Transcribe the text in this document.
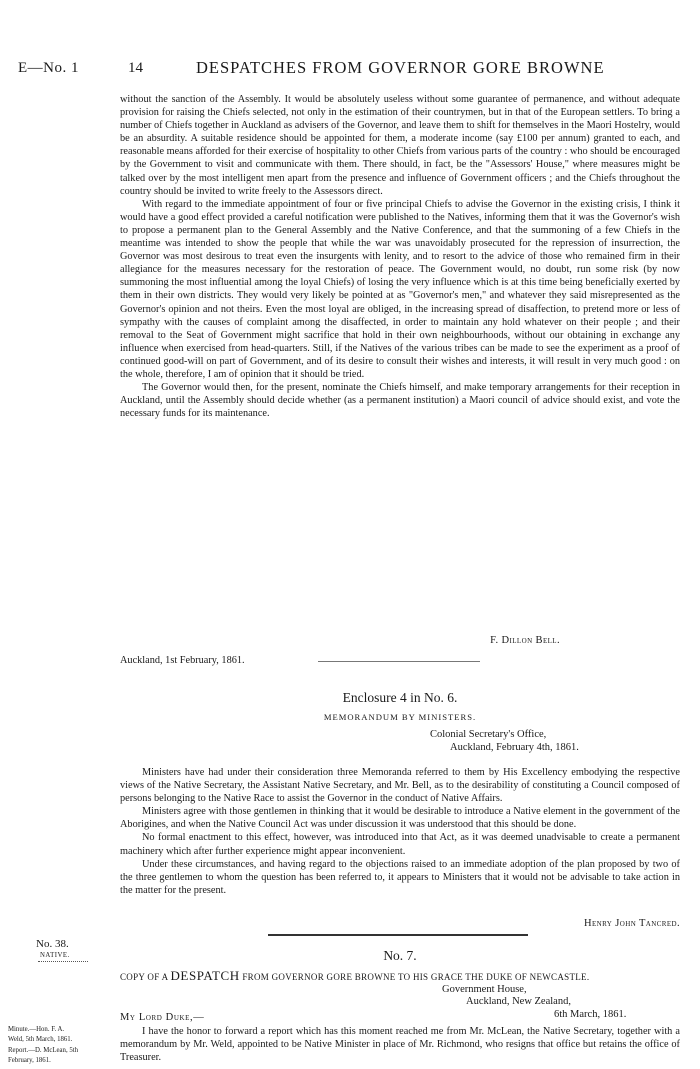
E—No. 1	14	DESPATCHES FROM GOVERNOR GORE BROWNE

without the sanction of the Assembly. It would be absolutely useless without some guarantee of permanence, and without adequate provision for raising the Chiefs selected, not only in the estimation of their countrymen, but in that of the European settlers. To bring a number of Chiefs together in Auckland as advisers of the Governor, and leave them to shift for themselves in the Maori Hostelry, would be an absurdity. A suitable residence should be appointed for them, a moderate income (say £100 per annum) granted to each, and reasonable means afforded for their exercise of hospitality to other Chiefs from various parts of the country : who should be encouraged by the Government to visit and communicate with them. There should, in fact, be the "Assessors' House," where measures might be talked over by the most intelligent men apart from the presence and influence of Government officers ; and the Chiefs throughout the country should be invited to write freely to the Assessors direct.

With regard to the immediate appointment of four or five principal Chiefs to advise the Governor in the existing crisis, I think it would have a good effect provided a careful notification were published to the Natives, informing them that it was the Governor's wish to propose a permanent plan to the General Assembly and the Native Conference, and that the summoning of a few Chiefs in the meantime was intended to show the people that while the war was unavoidably prosecuted for the repression of insurrection, the Governor was most desirous to treat even the insurgents with lenity, and to resort to the advice of those who remained firm in their allegiance for the measures necessary for the restoration of peace. The Government would, no doubt, run some risk (by now summoning the most influential among the loyal Chiefs) of losing the very influence which is at this time being beneficially exerted by them in their own districts. They would very likely be pointed at as "Governor's men," and whatever they said misrepresented as the Governor's opinion and not theirs. Even the most loyal are obliged, in the increasing spread of disaffection, to pretend more or less of sympathy with the causes of complaint among the disaffected, in order to maintain any hold whatever on their people ; and their removal to the Seat of Government might sacrifice that hold in their own neighbourhoods, without our obtaining in exchange any influence when exercised from head-quarters. Still, if the Natives of the various tribes can be made to see the experiment as a proof of continued good-will on part of Government, and of its desire to consult their wishes and interests, it will result in very much good : on the whole, therefore, I am of opinion that it should be tried.

The Governor would then, for the present, nominate the Chiefs himself, and make temporary arrangements for their reception in Auckland, until the Assembly should decide whether (as a permanent institution) a Maori council of advice should exist, and vote the necessary funds for its maintenance.

F. Dillon Bell.
Auckland, 1st February, 1861.
Enclosure 4 in No. 6.
MEMORANDUM BY MINISTERS.
Colonial Secretary's Office,
Auckland, February 4th, 1861.

Ministers have had under their consideration three Memoranda referred to them by His Excellency embodying the respective views of the Native Secretary, the Assistant Native Secretary, and Mr. Bell, as to the desirability of constituting a Council composed of persons belonging to the Native Race to assist the Governor in the conduct of Native Affairs.

Ministers agree with those gentlemen in thinking that it would be desirable to introduce a Native element in the government of the Aborigines, and when the Native Council Act was under discussion it was understood that this should be done.

No formal enactment to this effect, however, was introduced into that Act, as it was deemed unadvisable to create a permanent machinery which after further experience might appear inconvenient.

Under these circumstances, and having regard to the objections raised to an immediate adoption of the plan proposed by two of the three gentlemen to whom the question has been referred to, it appears to Ministers that it would not be advisable to take action in the matter for the present.

Henry John Tancred.
No. 38.
NATIVE.	No. 7.
COPY OF A DESPATCH FROM GOVERNOR GORE BROWNE TO HIS GRACE THE DUKE OF NEWCASTLE.
Government House,
Auckland, New Zealand,
6th March, 1861.
My Lord Duke,—
Minute.—Hon. F. A.
Weld, 5th March, 1861.
Report.—D. McLean, 5th
February, 1861.

I have the honor to forward a report which has this moment reached me from Mr. McLean, the Native Secretary, together with a memorandum by Mr. Weld, appointed to be Native Minister in place of Mr. Richmond, who resigns that office but retains the office of Treasurer.
